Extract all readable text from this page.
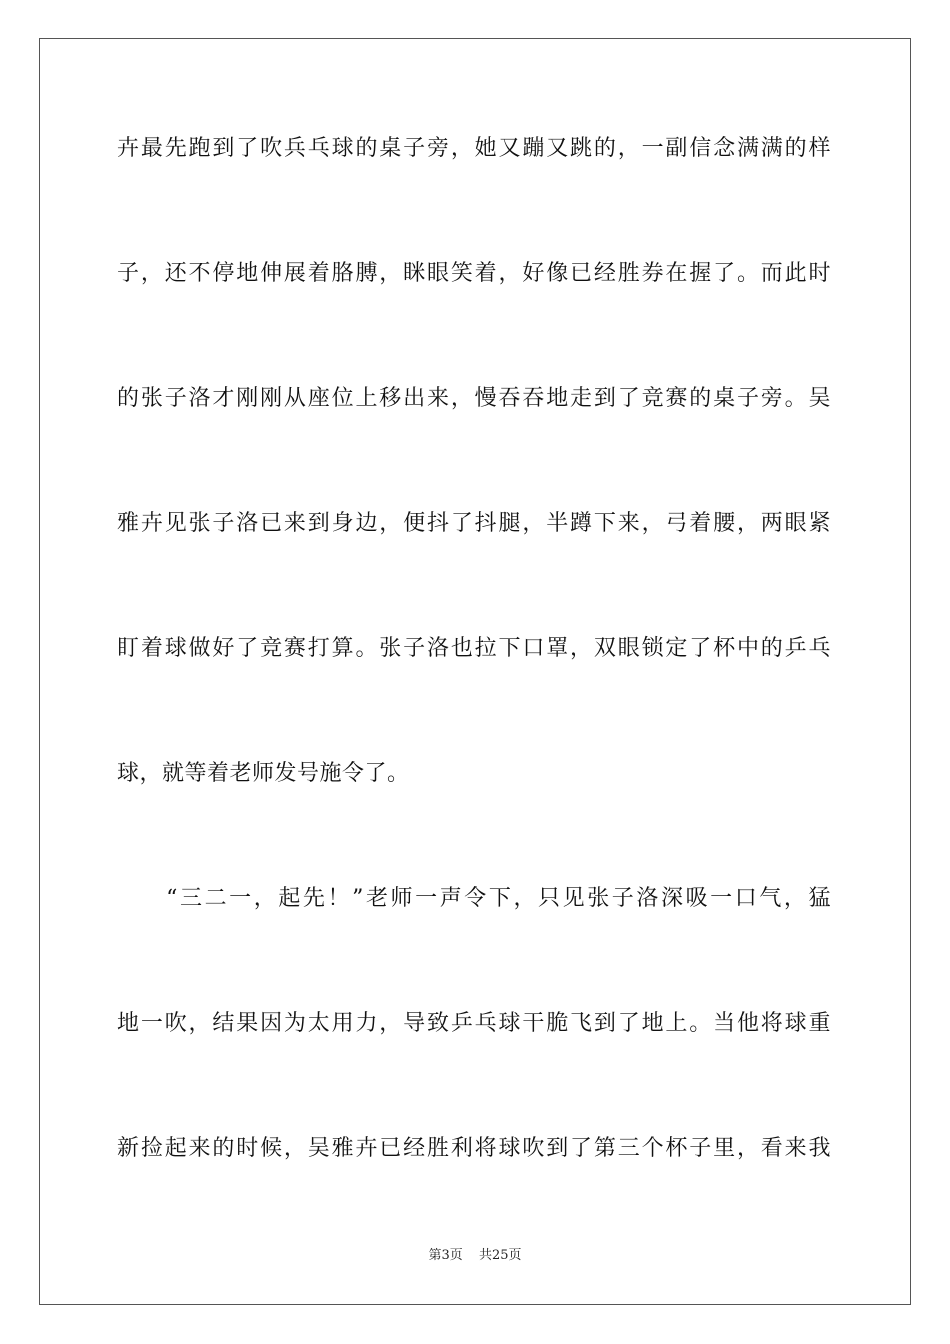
卉最先跑到了吹兵乓球的桌子旁，她又蹦又跳的，一副信念满满的样
子，还不停地伸展着胳膊，眯眼笑着，好像已经胜券在握了。而此时
的张子洛才刚刚从座位上移出来，慢吞吞地走到了竞赛的桌子旁。吴
雅卉见张子洛已来到身边，便抖了抖腿，半蹲下来，弓着腰，两眼紧
盯着球做好了竞赛打算。张子洛也拉下口罩，双眼锁定了杯中的乒乓
球，就等着老师发号施令了。
　　“三二一，起先！”老师一声令下，只见张子洛深吸一口气，猛
地一吹，结果因为太用力，导致乒乓球干脆飞到了地上。当他将球重
新捡起来的时候，吴雅卉已经胜利将球吹到了第三个杯子里，看来我
第3页 共25页
